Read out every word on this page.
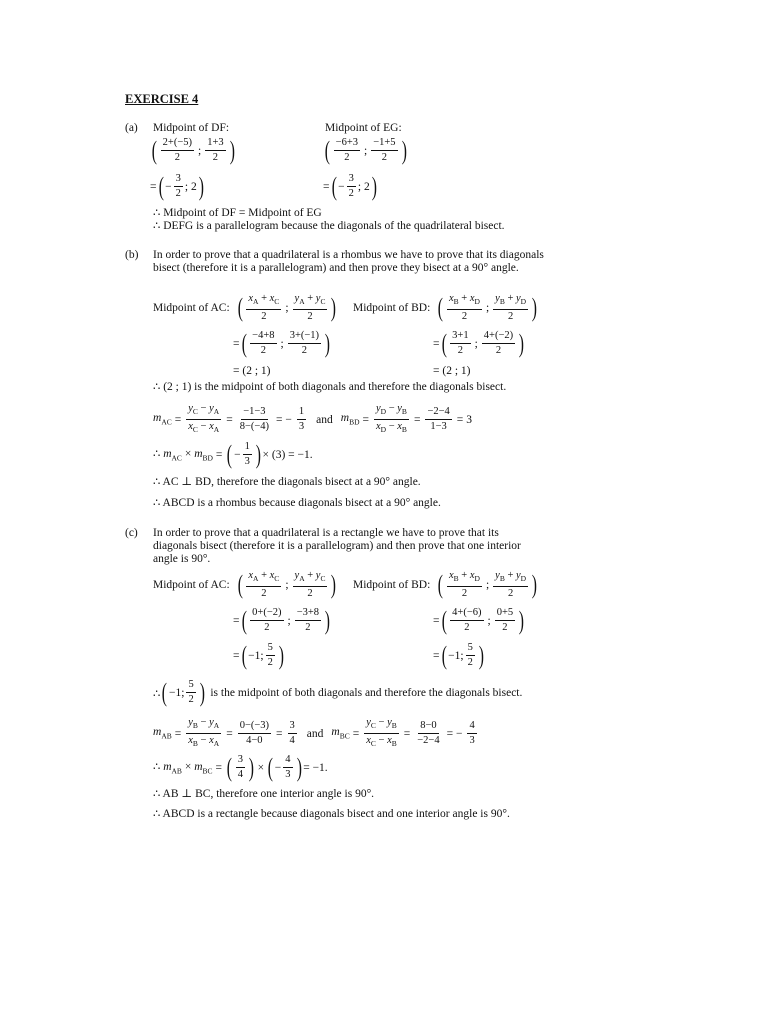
EXERCISE 4
(a) Midpoint of DF:	Midpoint of EG:
( $\frac{2+(-5)}{2}$ ; $\frac{1+3}{2}$ )	( $\frac{-6+3}{2}$ ; $\frac{-1+5}{2}$ )
= ( − $\frac{3}{2}$ ; 2 )	= ( − $\frac{3}{2}$ ; 2 )
∴ Midpoint of DF = Midpoint of EG
∴ DEFG is a parallelogram because the diagonals of the quadrilateral bisect.
(b) In order to prove that a quadrilateral is a rhombus we have to prove that its diagonals
bisect (therefore it is a parallelogram) and then prove they bisect at a 90° angle.
Midpoint of AC: ( $\frac{x_A + x_C}{2}$ ; $\frac{y_A + y_C}{2}$ ) Midpoint of BD: ( $\frac{x_B + x_D}{2}$ ; $\frac{y_B + y_D}{2}$ )
= ( $\frac{-4+8}{2}$ ; $\frac{3+(-1)}{2}$ )	= ( $\frac{3+1}{2}$ ; $\frac{4+(-2)}{2}$ )
= (2 ; 1)	= (2 ; 1)
∴ (2 ; 1) is the midpoint of both diagonals and therefore the diagonals bisect.
$m_{AC} = \frac{y_C - y_A}{x_C - x_A} = \frac{-1-3}{8-(-4)}$ = − $\frac{1}{3}$ and $m_{BD} = \frac{y_D - y_B}{x_D - x_B} = \frac{-2-4}{1-3} = 3$
∴ $m_{AC} \times m_{BD}$ = ( − $\frac{1}{3}$ ) × (3) = −1.
∴ AC ⊥ BD, therefore the diagonals bisect at a 90° angle.
∴ ABCD is a rhombus because diagonals bisect at a 90° angle.
(c) In order to prove that a quadrilateral is a rectangle we have to prove that its
diagonals bisect (therefore it is a parallelogram) and then prove that one interior
angle is 90°.
Midpoint of AC: ( $\frac{x_A + x_C}{2}$ ; $\frac{y_A + y_C}{2}$ ) Midpoint of BD: ( $\frac{x_B + x_D}{2}$ ; $\frac{y_B + y_D}{2}$ )
= ( $\frac{0+(-2)}{2}$ ; $\frac{-3+8}{2}$ )	= ( $\frac{4+(-6)}{2}$ ; $\frac{0+5}{2}$ )
= ( −1; $\frac{5}{2}$ )	= ( −1; $\frac{5}{2}$ )
∴ ( −1; $\frac{5}{2}$ ) is the midpoint of both diagonals and therefore the diagonals bisect.
$m_{AB} = \frac{y_B - y_A}{x_B - x_A} = \frac{0-(-3)}{4-0} = \frac{3}{4}$ and $m_{BC} = \frac{y_C - y_B}{x_C - x_B} = \frac{8-0}{-2-4}$ = − $\frac{4}{3}$
∴ $m_{AB} \times m_{BC}$ = ( $\frac{3}{4}$ ) × ( − $\frac{4}{3}$ ) = −1.
∴ AB ⊥ BC, therefore one interior angle is 90°.
∴ ABCD is a rectangle because diagonals bisect and one interior angle is 90°.
